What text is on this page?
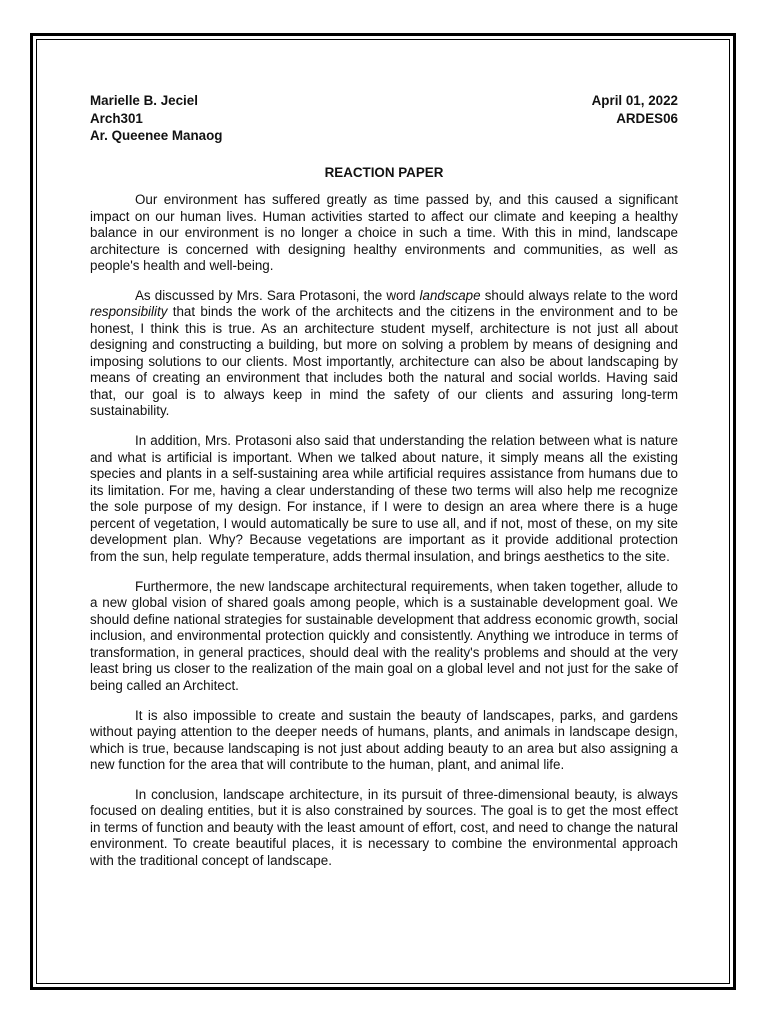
Marielle B. Jeciel
Arch301
Ar. Queenee Manaog
April 01, 2022
ARDES06
REACTION PAPER

Our environment has suffered greatly as time passed by, and this caused a significant impact on our human lives. Human activities started to affect our climate and keeping a healthy balance in our environment is no longer a choice in such a time. With this in mind, landscape architecture is concerned with designing healthy environments and communities, as well as people's health and well-being.

As discussed by Mrs. Sara Protasoni, the word landscape should always relate to the word responsibility that binds the work of the architects and the citizens in the environment and to be honest, I think this is true. As an architecture student myself, architecture is not just all about designing and constructing a building, but more on solving a problem by means of designing and imposing solutions to our clients. Most importantly, architecture can also be about landscaping by means of creating an environment that includes both the natural and social worlds. Having said that, our goal is to always keep in mind the safety of our clients and assuring long-term sustainability.

In addition, Mrs. Protasoni also said that understanding the relation between what is nature and what is artificial is important. When we talked about nature, it simply means all the existing species and plants in a self-sustaining area while artificial requires assistance from humans due to its limitation. For me, having a clear understanding of these two terms will also help me recognize the sole purpose of my design. For instance, if I were to design an area where there is a huge percent of vegetation, I would automatically be sure to use all, and if not, most of these, on my site development plan. Why? Because vegetations are important as it provide additional protection from the sun, help regulate temperature, adds thermal insulation, and brings aesthetics to the site.

Furthermore, the new landscape architectural requirements, when taken together, allude to a new global vision of shared goals among people, which is a sustainable development goal. We should define national strategies for sustainable development that address economic growth, social inclusion, and environmental protection quickly and consistently. Anything we introduce in terms of transformation, in general practices, should deal with the reality's problems and should at the very least bring us closer to the realization of the main goal on a global level and not just for the sake of being called an Architect.

It is also impossible to create and sustain the beauty of landscapes, parks, and gardens without paying attention to the deeper needs of humans, plants, and animals in landscape design, which is true, because landscaping is not just about adding beauty to an area but also assigning a new function for the area that will contribute to the human, plant, and animal life.

In conclusion, landscape architecture, in its pursuit of three-dimensional beauty, is always focused on dealing entities, but it is also constrained by sources. The goal is to get the most effect in terms of function and beauty with the least amount of effort, cost, and need to change the natural environment. To create beautiful places, it is necessary to combine the environmental approach with the traditional concept of landscape.
